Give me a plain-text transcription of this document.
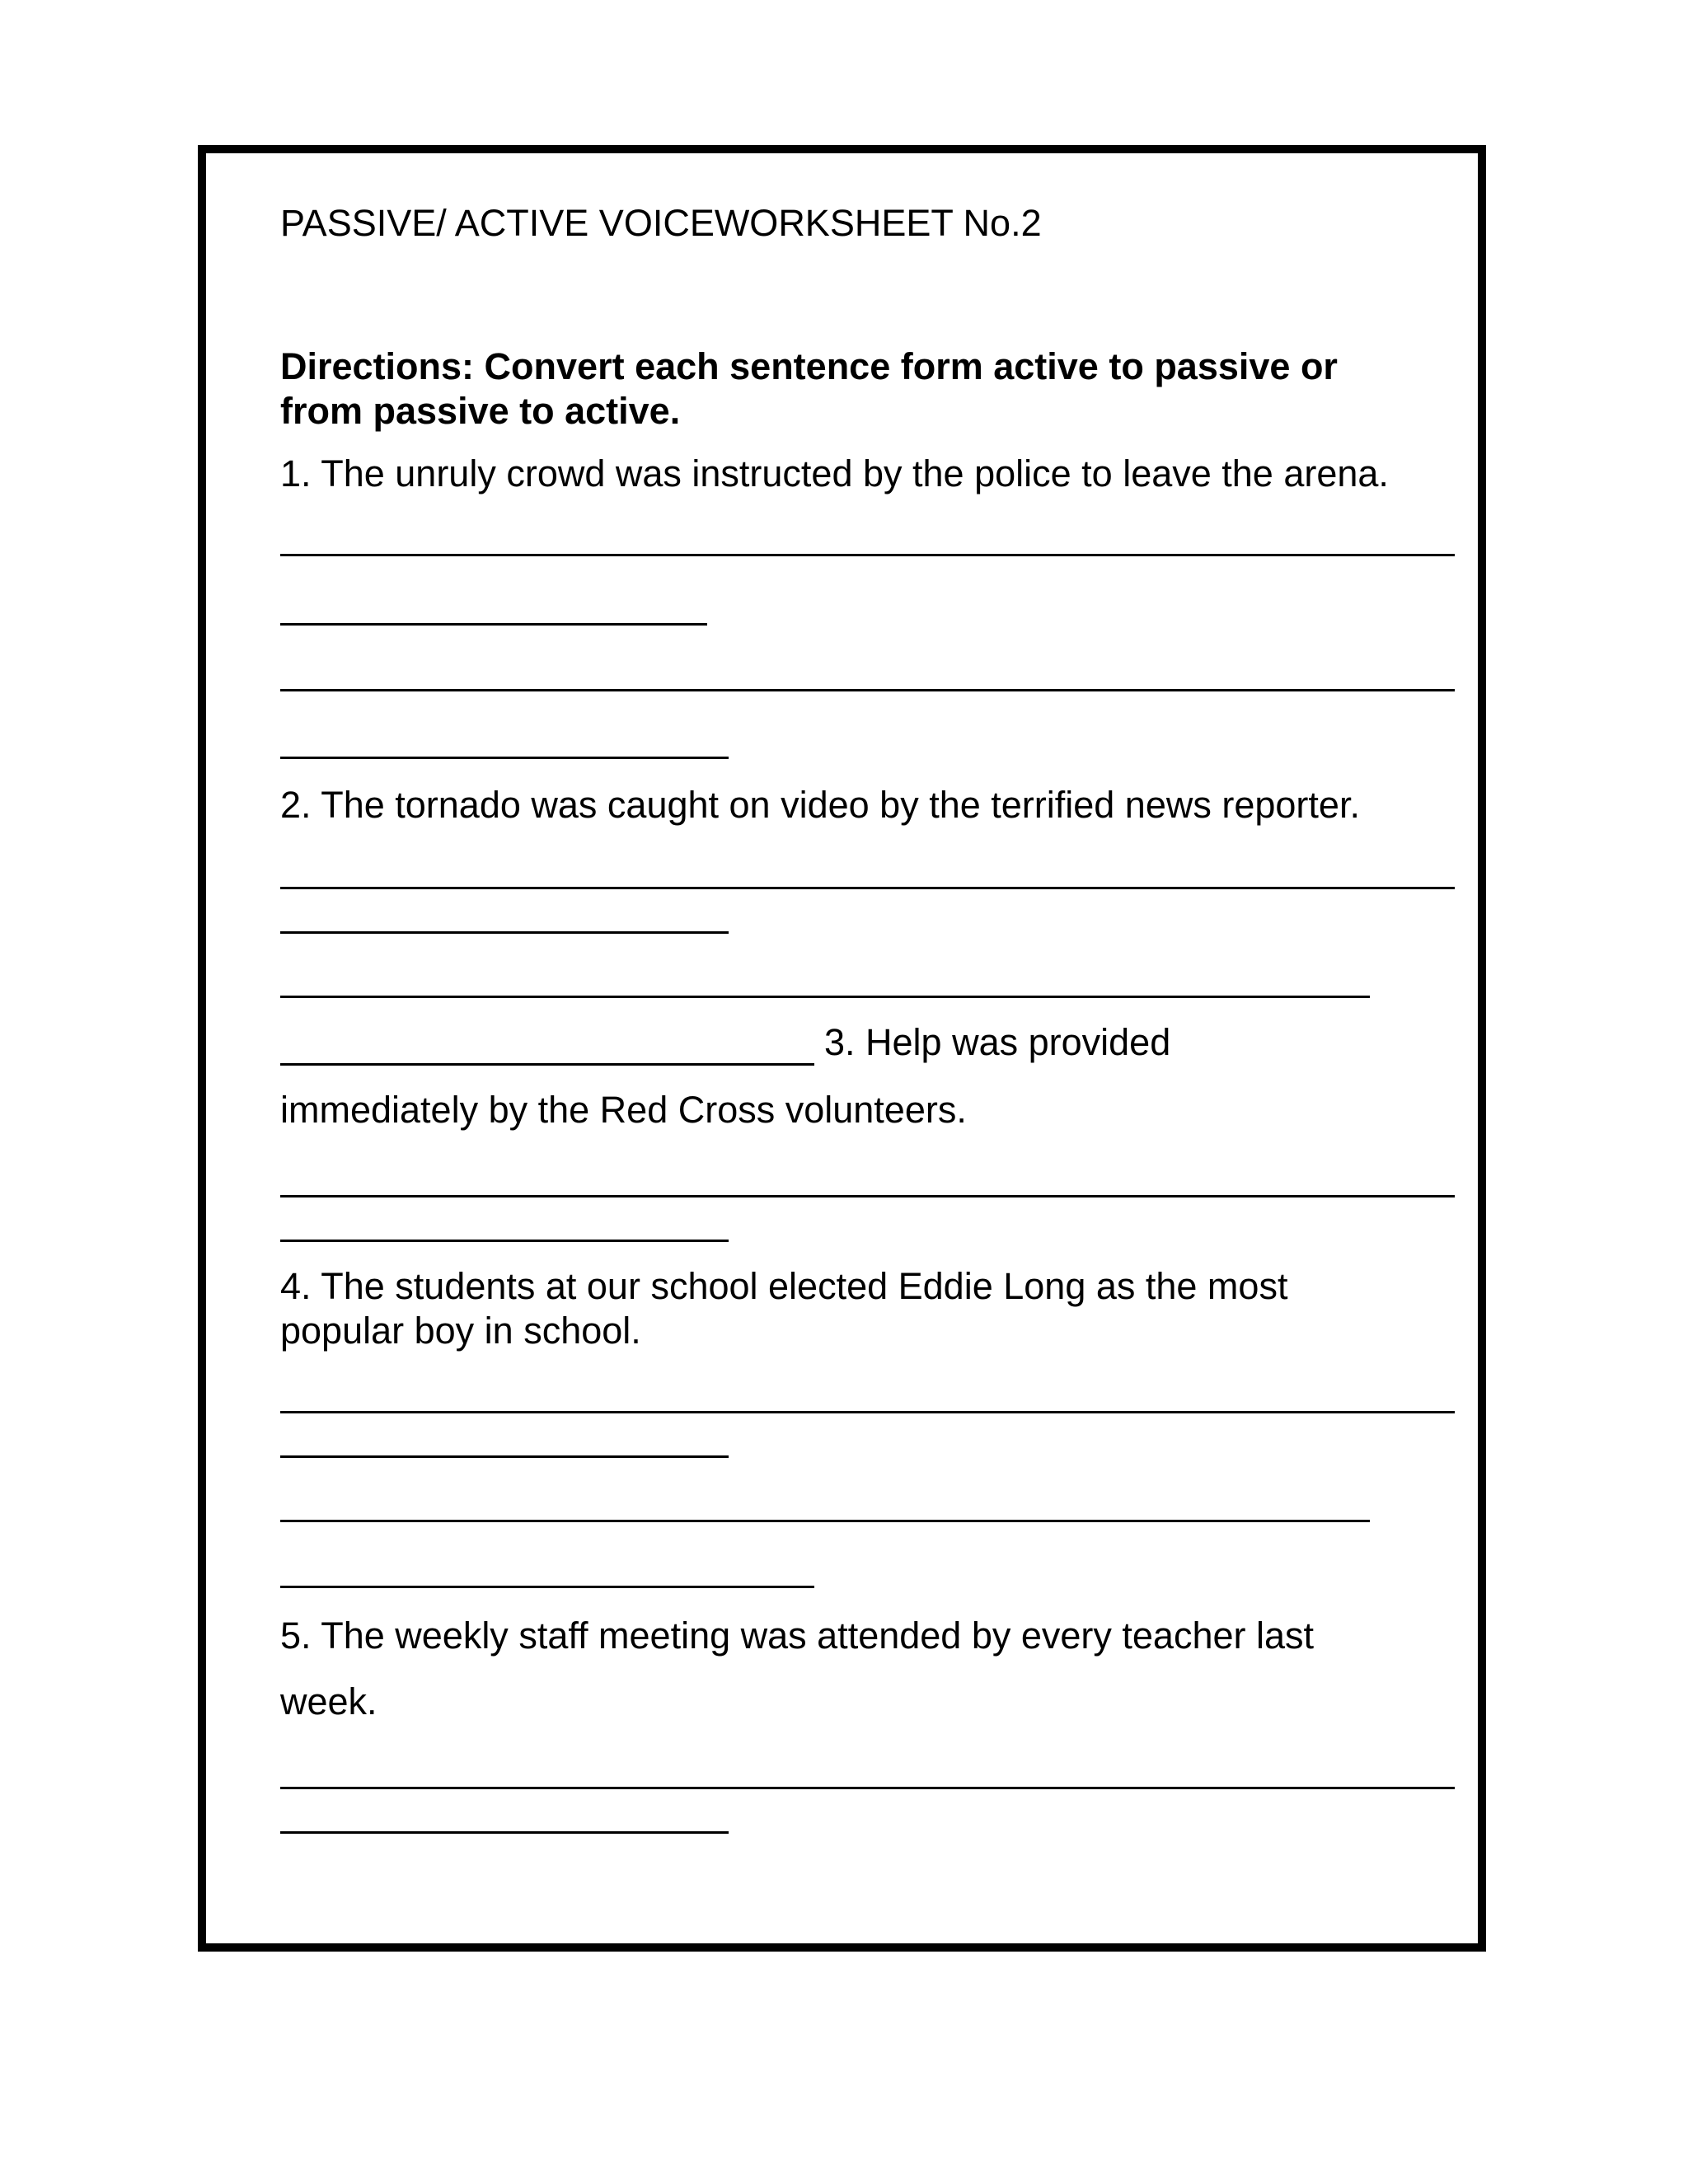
PASSIVE/ ACTIVE VOICEWORKSHEET No.2

Directions: Convert each sentence form active to passive or

from passive to active.

1. The unruly crowd was instructed by the police to leave the arena.

2. The tornado was caught on video by the terrified news reporter.

3. Help was provided

immediately by the Red Cross volunteers.

4. The students at our school elected Eddie Long as the most

popular boy in school.

5. The weekly staff meeting was attended by every teacher last

week.
